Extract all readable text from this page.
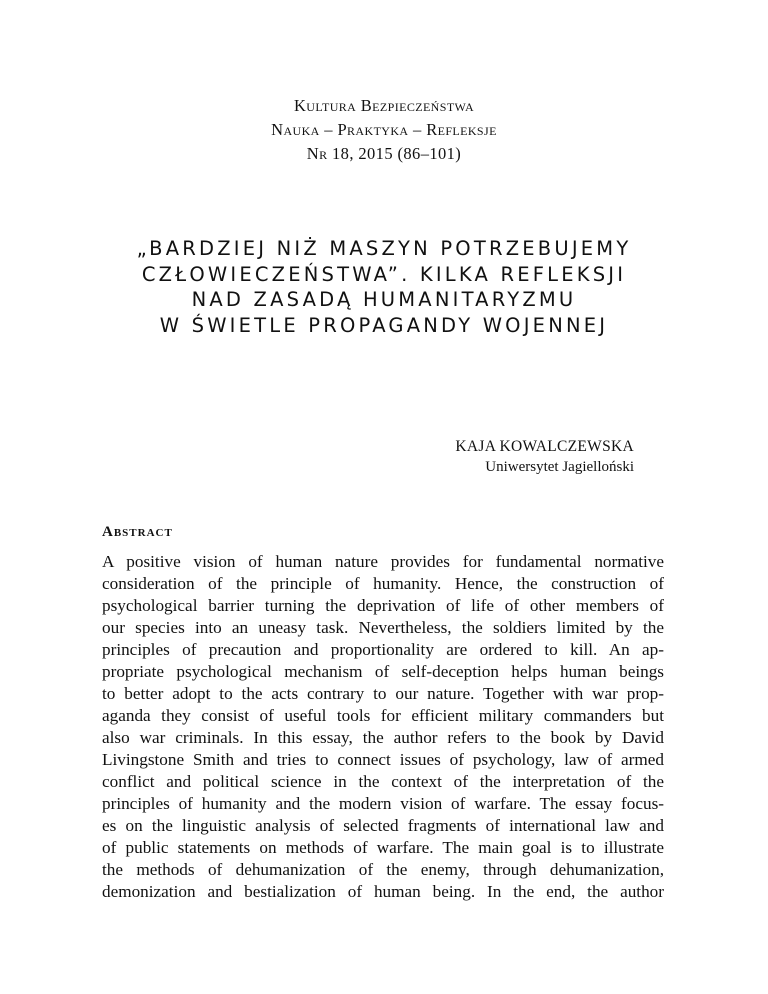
Kultura Bezpieczeństwa
Nauka – Praktyka – Refleksje
Nr 18, 2015 (86–101)
„BARDZIEJ NIŻ MASZYN POTRZEBUJEMY
CZŁOWIECZEŃSTWA”. KILKA REFLEKSJI
NAD ZASADĄ HUMANITARYZMU
W ŚWIETLE PROPAGANDY WOJENNEJ
KAJA KOWALCZEWSKA
Uniwersytet Jagielloński
Abstract
A positive vision of human nature provides for fundamental normative
consideration of the principle of humanity. Hence, the construction of
psychological barrier turning the deprivation of life of other members of
our species into an uneasy task. Nevertheless, the soldiers limited by the
principles of precaution and proportionality are ordered to kill. An ap-
propriate psychological mechanism of self-deception helps human beings
to better adopt to the acts contrary to our nature. Together with war prop-
aganda they consist of useful tools for efficient military commanders but
also war criminals. In this essay, the author refers to the book by David
Livingstone Smith and tries to connect issues of psychology, law of armed
conflict and political science in the context of the interpretation of the
principles of humanity and the modern vision of warfare. The essay focus-
es on the linguistic analysis of selected fragments of international law and
of public statements on methods of warfare. The main goal is to illustrate
the methods of dehumanization of the enemy, through dehumanization,
demonization and bestialization of human being. In the end, the author
